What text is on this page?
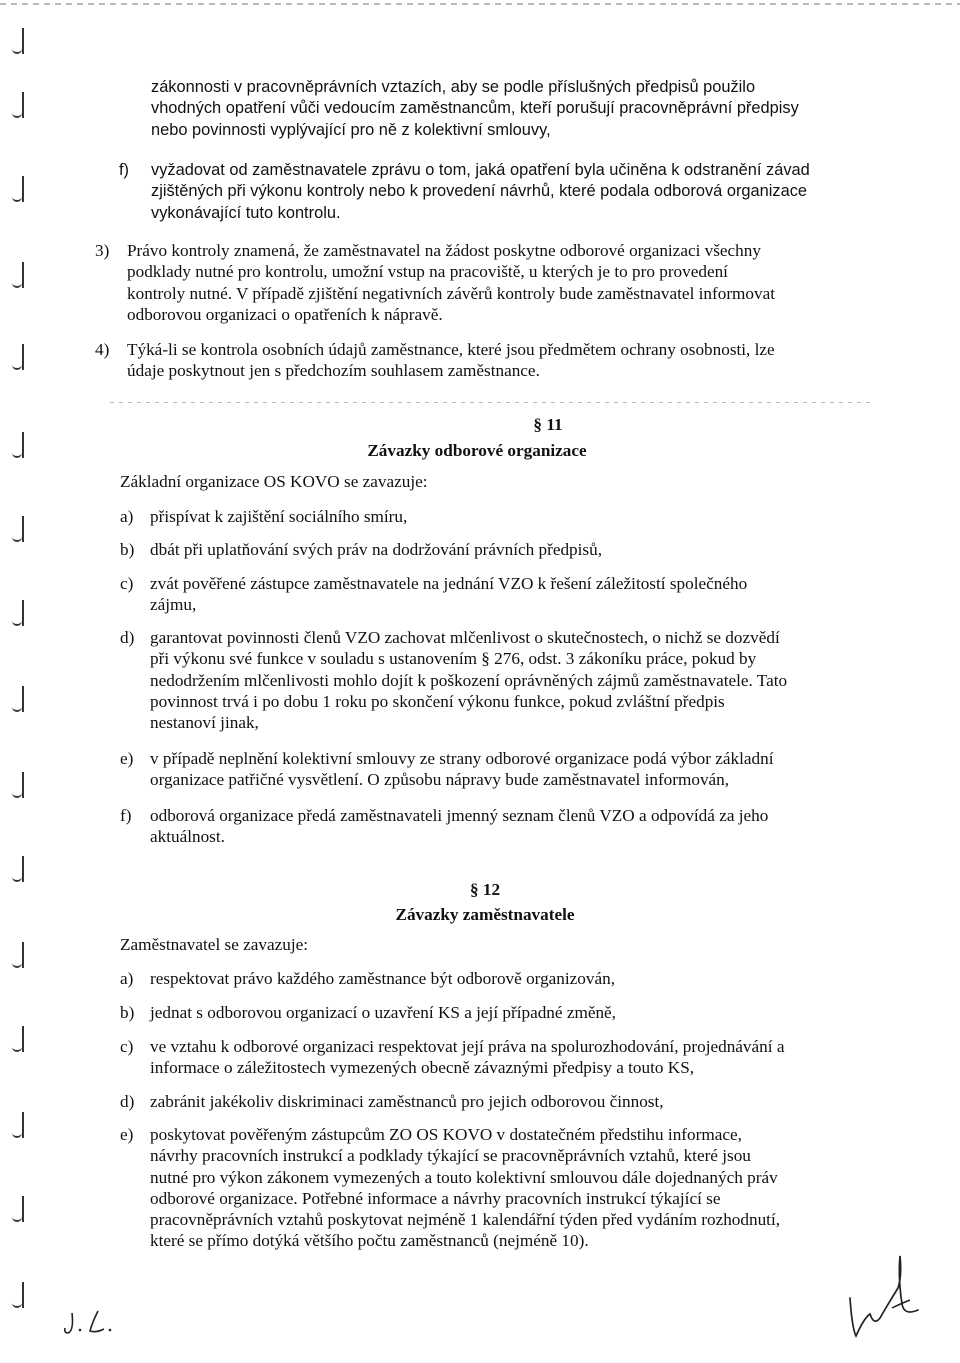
zákonnosti v pracovněprávních vztazích, aby se podle příslušných předpisů použilo
vhodných opatření vůči vedoucím zaměstnancům, kteří porušují pracovněprávní předpisy
nebo povinnosti vyplývající pro ně z kolektivní smlouvy,
f) vyžadovat od zaměstnavatele zprávu o tom, jaká opatření byla učiněna k odstranění závad
zjištěných při výkonu kontroly nebo k provedení návrhů, které podala odborová organizace
vykonávající tuto kontrolu.
3) Právo kontroly znamená, že zaměstnavatel na žádost poskytne odborové organizaci všechny
podklady nutné pro kontrolu, umožní vstup na pracoviště, u kterých je to pro provedení
kontroly nutné. V případě zjištění negativních závěrů kontroly bude zaměstnavatel informovat
odborovou organizaci o opatřeních k nápravě.
4) Týká-li se kontrola osobních údajů zaměstnance, které jsou předmětem ochrany osobnosti, lze
údaje poskytnout jen s předchozím souhlasem zaměstnance.
§ 11
Závazky odborové organizace
Základní organizace OS KOVO se zavazuje:
a) přispívat k zajištění sociálního smíru,
b) dbát při uplatňování svých práv na dodržování právních předpisů,
c) zvát pověřené zástupce zaměstnavatele na jednání VZO k řešení záležitostí společného
zájmu,
d) garantovat povinnosti členů VZO zachovat mlčenlivost o skutečnostech, o nichž se dozvědí
při výkonu své funkce v souladu s ustanovením § 276, odst. 3 zákoníku práce, pokud by
nedodržením mlčenlivosti mohlo dojít k poškození oprávněných zájmů zaměstnavatele. Tato
povinnost trvá i po dobu 1 roku po skončení výkonu funkce, pokud zvláštní předpis
nestanoví jinak,
e) v případě neplnění kolektivní smlouvy ze strany odborové organizace podá výbor základní
organizace patřičné vysvětlení. O způsobu nápravy bude zaměstnavatel informován,
f) odborová organizace předá zaměstnavateli jmenný seznam členů VZO a odpovídá za jeho
aktuálnost.
§ 12
Závazky zaměstnavatele
Zaměstnavatel se zavazuje:
a) respektovat právo každého zaměstnance být odborově organizován,
b) jednat s odborovou organizací o uzavření KS a její případné změně,
c) ve vztahu k odborové organizaci respektovat její práva na spolurozhodování, projednávání a
informace o záležitostech vymezených obecně závaznými předpisy a touto KS,
d) zabránit jakékoliv diskriminaci zaměstnanců pro jejich odborovou činnost,
e) poskytovat pověřeným zástupcům ZO OS KOVO v dostatečném předstihu informace,
návrhy pracovních instrukcí a podklady týkající se pracovněprávních vztahů, které jsou
nutné pro výkon zákonem vymezených a touto kolektivní smlouvou dále dojednaných práv
odborové organizace. Potřebné informace a návrhy pracovních instrukcí týkající se
pracovněprávních vztahů poskytovat nejméně 1 kalendářní týden před vydáním rozhodnutí,
které se přímo dotýká většího počtu zaměstnanců (nejméně 10).
